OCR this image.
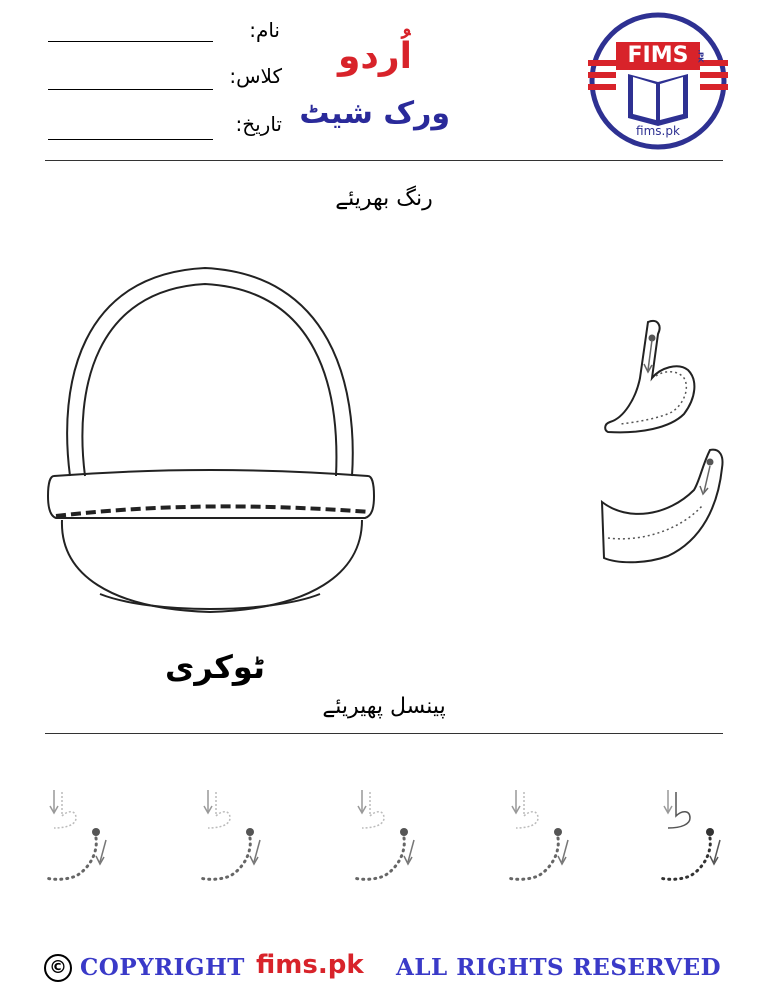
نام:
کلاس:
تاریخ:
اُردو
ورک شیٹ
FIMS	.PK
fims.pk
رنگ بھریئے
ٹوکری
پینسل پھیریئے
© COPYRIGHT fims.pk ALL RIGHTS RESERVED
